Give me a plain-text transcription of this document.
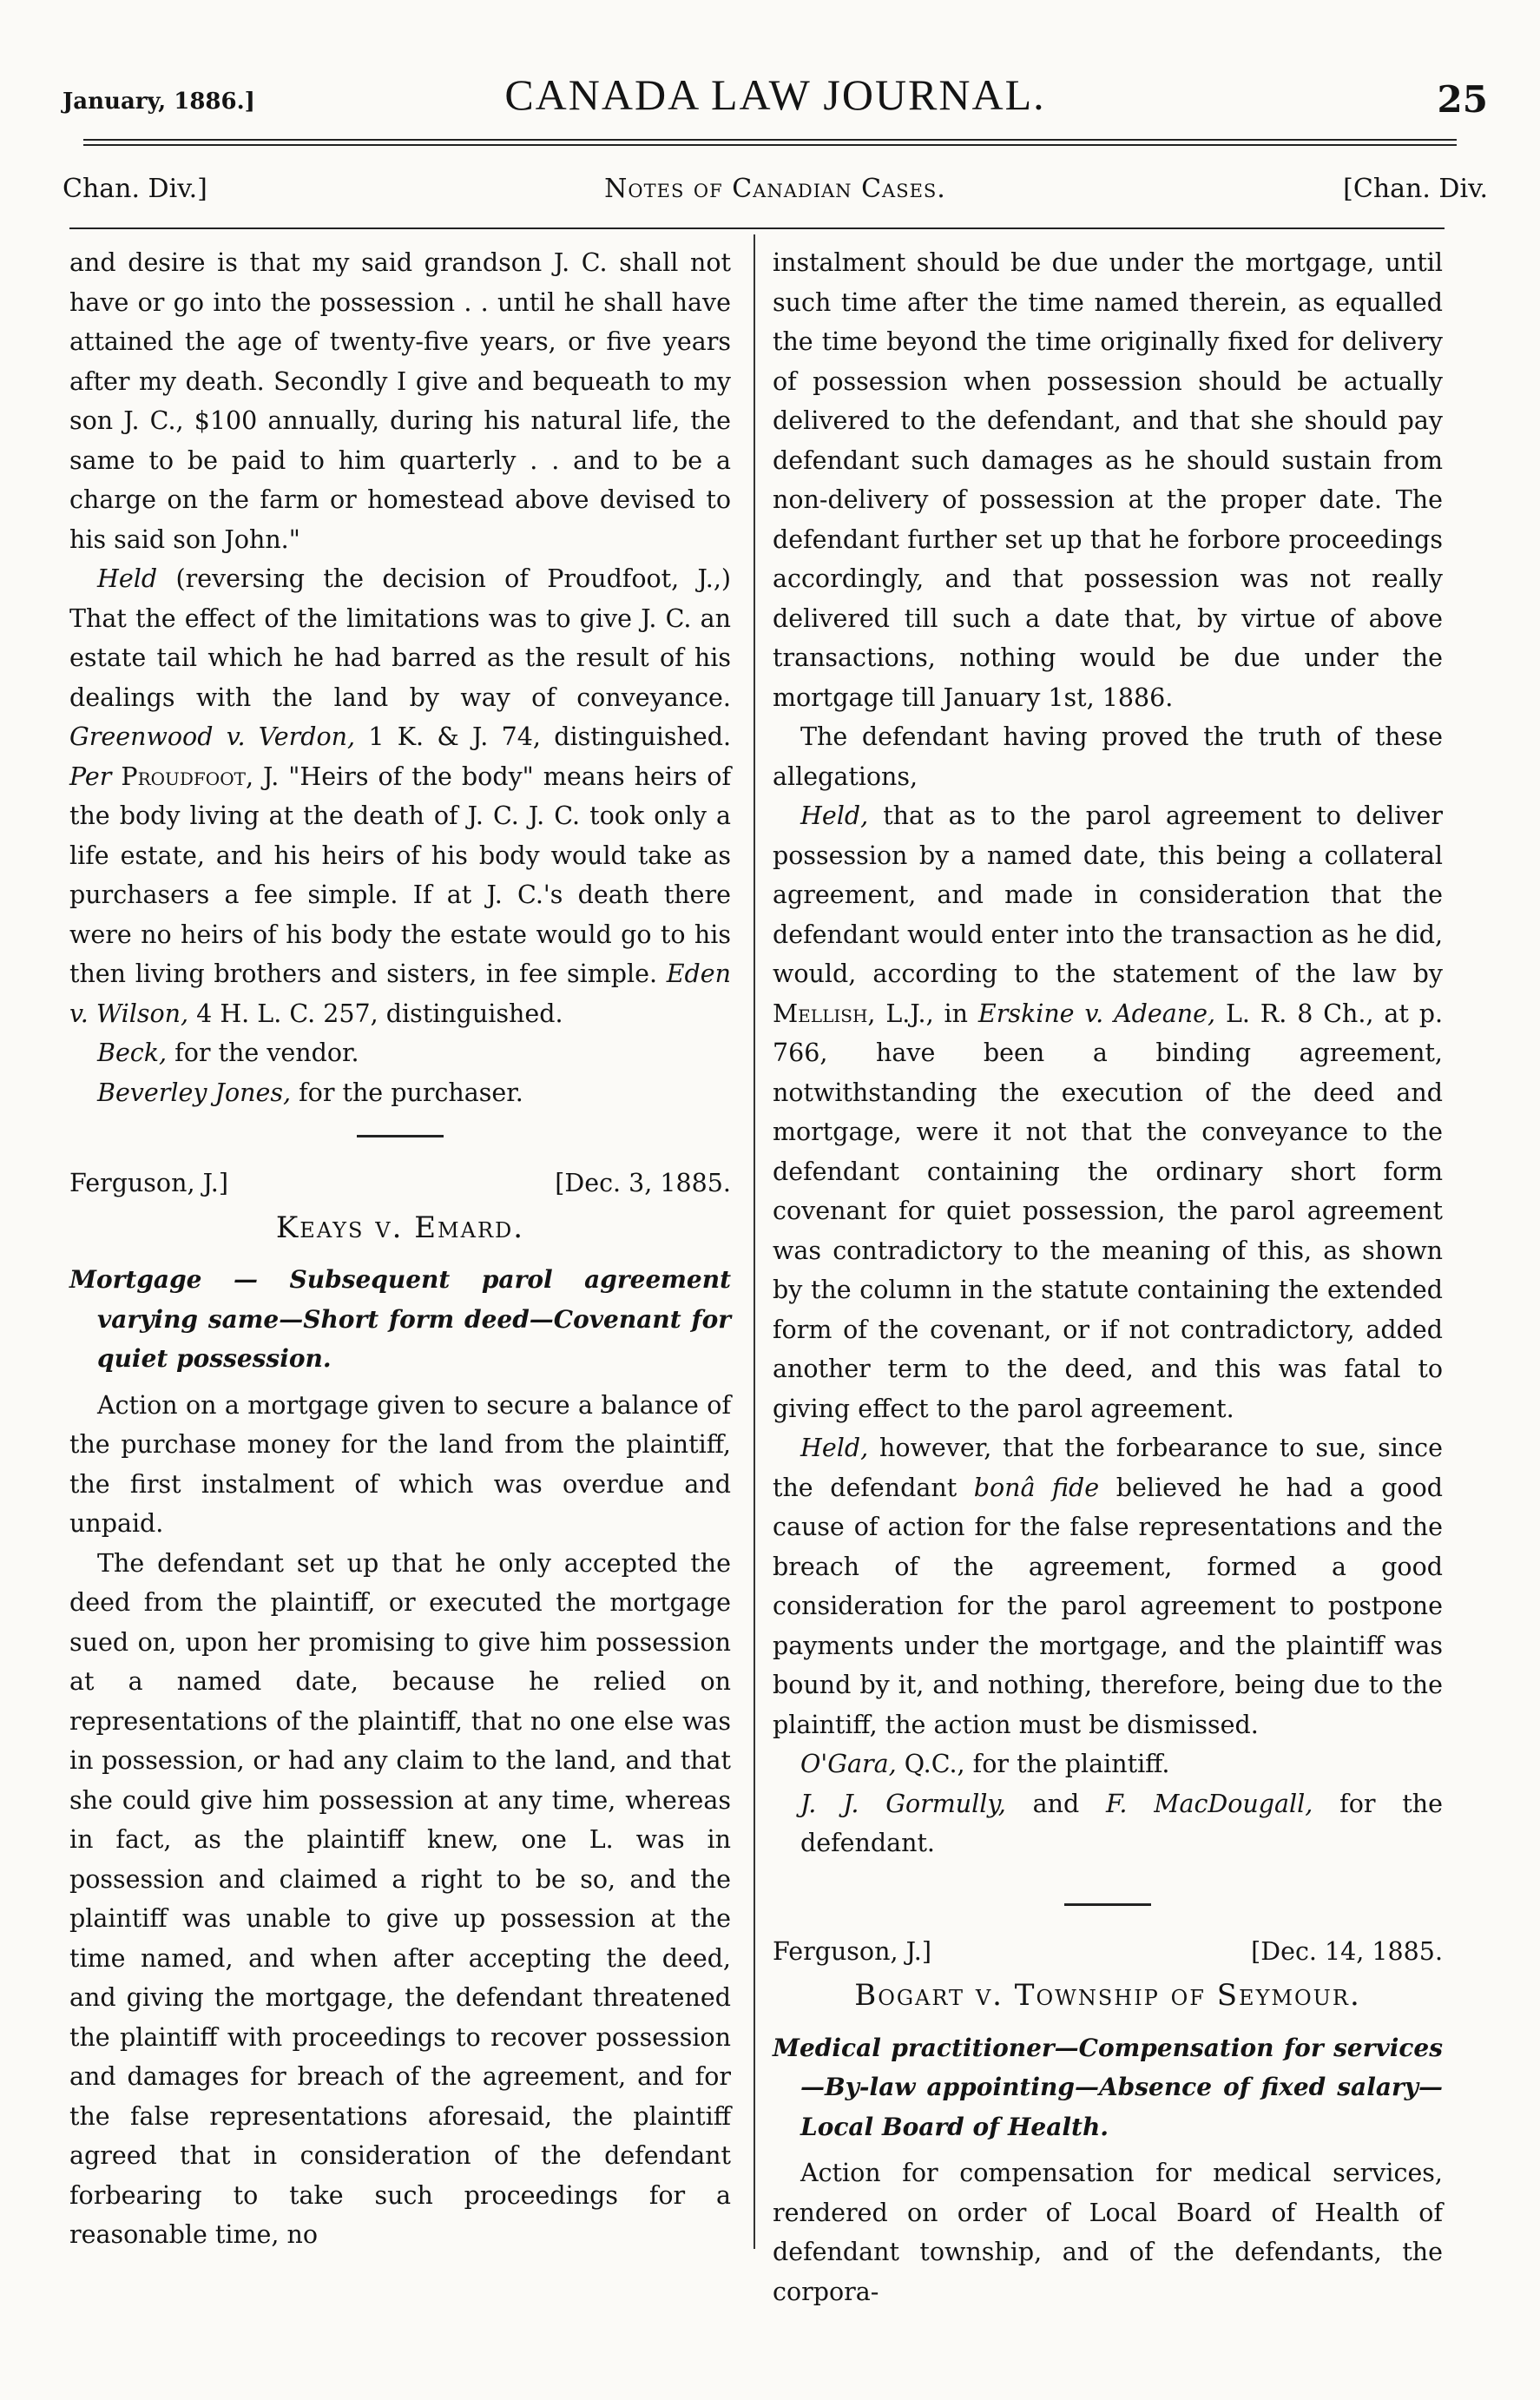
January, 1886.]	CANADA LAW JOURNAL.	25
Chan. Div.]	Notes of Canadian Cases.	[Chan. Div.

and desire is that my said grandson J. C. shall not have or go into the possession . . until he shall have attained the age of twenty-five years, or five years after my death. Secondly I give and bequeath to my son J. C., $100 annually, during his natural life, the same to be paid to him quarterly . . and to be a charge on the farm or homestead above devised to his said son John."

Held (reversing the decision of Proudfoot, J.,) That the effect of the limitations was to give J. C. an estate tail which he had barred as the result of his dealings with the land by way of conveyance. Greenwood v. Verdon, 1 K. & J. 74, distinguished. Per Proudfoot, J. "Heirs of the body" means heirs of the body living at the death of J. C. J. C. took only a life estate, and his heirs of his body would take as purchasers a fee simple. If at J. C.'s death there were no heirs of his body the estate would go to his then living brothers and sisters, in fee simple. Eden v. Wilson, 4 H. L. C. 257, distinguished.

Beck, for the vendor.

Beverley Jones, for the purchaser.

Ferguson, J.]	[Dec. 3, 1885.
Keays v. Emard.

Mortgage — Subsequent parol agreement varying same—Short form deed—Covenant for quiet possession.

Action on a mortgage given to secure a balance of the purchase money for the land from the plaintiff, the first instalment of which was overdue and unpaid.

The defendant set up that he only accepted the deed from the plaintiff, or executed the mortgage sued on, upon her promising to give him possession at a named date, because he relied on representations of the plaintiff, that no one else was in possession, or had any claim to the land, and that she could give him possession at any time, whereas in fact, as the plaintiff knew, one L. was in possession and claimed a right to be so, and the plaintiff was unable to give up possession at the time named, and when after accepting the deed, and giving the mortgage, the defendant threatened the plaintiff with proceedings to recover possession and damages for breach of the agreement, and for the false representations aforesaid, the plaintiff agreed that in consideration of the defendant forbearing to take such proceedings for a reasonable time, no

instalment should be due under the mortgage, until such time after the time named therein, as equalled the time beyond the time originally fixed for delivery of possession when possession should be actually delivered to the defendant, and that she should pay defendant such damages as he should sustain from non-delivery of possession at the proper date. The defendant further set up that he forbore proceedings accordingly, and that possession was not really delivered till such a date that, by virtue of above transactions, nothing would be due under the mortgage till January 1st, 1886.

The defendant having proved the truth of these allegations,

Held, that as to the parol agreement to deliver possession by a named date, this being a collateral agreement, and made in consideration that the defendant would enter into the transaction as he did, would, according to the statement of the law by Mellish, L.J., in Erskine v. Adeane, L. R. 8 Ch., at p. 766, have been a binding agreement, notwithstanding the execution of the deed and mortgage, were it not that the conveyance to the defendant containing the ordinary short form covenant for quiet possession, the parol agreement was contradictory to the meaning of this, as shown by the column in the statute containing the extended form of the covenant, or if not contradictory, added another term to the deed, and this was fatal to giving effect to the parol agreement.

Held, however, that the forbearance to sue, since the defendant bonâ fide believed he had a good cause of action for the false representations and the breach of the agreement, formed a good consideration for the parol agreement to postpone payments under the mortgage, and the plaintiff was bound by it, and nothing, therefore, being due to the plaintiff, the action must be dismissed.

O'Gara, Q.C., for the plaintiff.

J. J. Gormully, and F. MacDougall, for the defendant.

Ferguson, J.]	[Dec. 14, 1885.
Bogart v. Township of Seymour.

Medical practitioner—Compensation for services—By-law appointing—Absence of fixed salary—Local Board of Health.

Action for compensation for medical services, rendered on order of Local Board of Health of defendant township, and of the defendants, the corpora-
